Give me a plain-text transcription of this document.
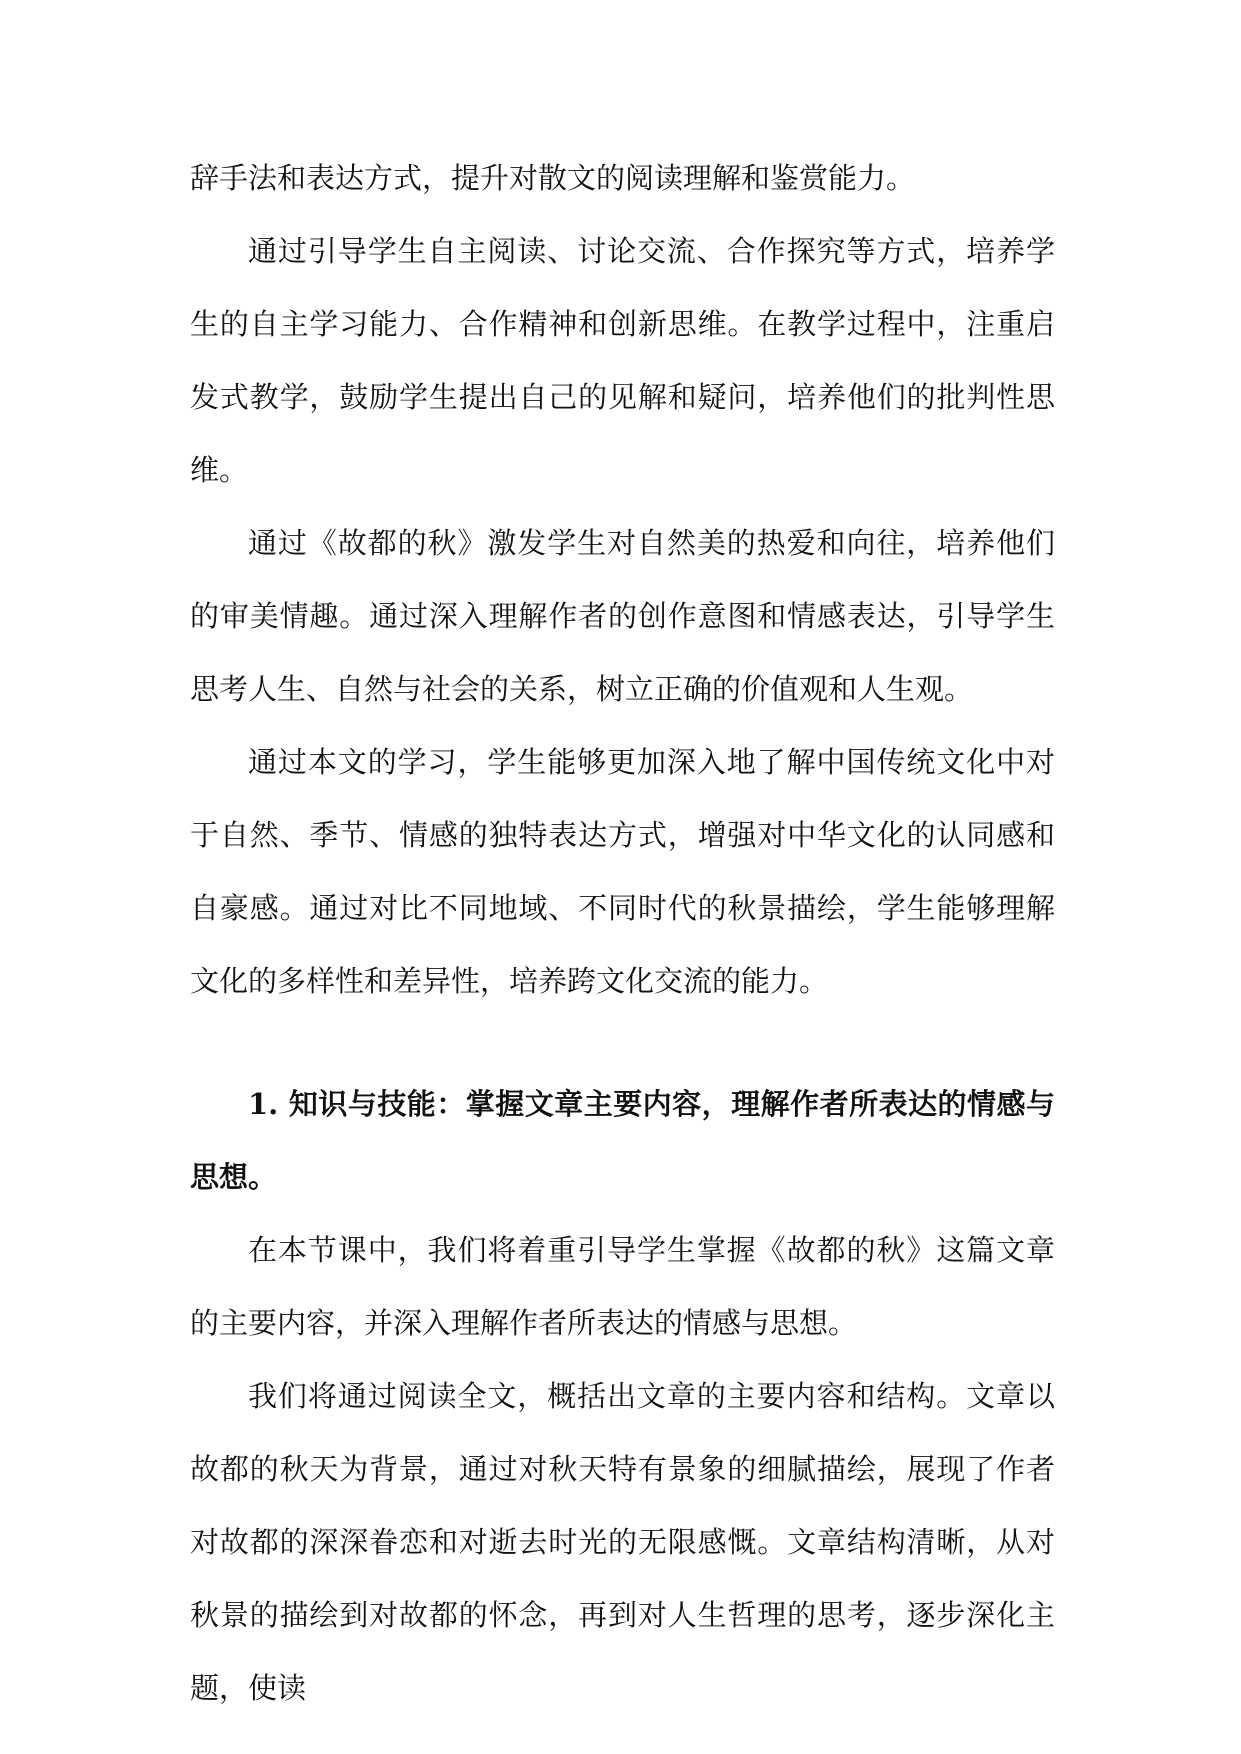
辞手法和表达方式，提升对散文的阅读理解和鉴赏能力。

通过引导学生自主阅读、讨论交流、合作探究等方式，培养学生的自主学习能力、合作精神和创新思维。在教学过程中，注重启发式教学，鼓励学生提出自己的见解和疑问，培养他们的批判性思维。

通过《故都的秋》激发学生对自然美的热爱和向往，培养他们的审美情趣。通过深入理解作者的创作意图和情感表达，引导学生思考人生、自然与社会的关系，树立正确的价值观和人生观。

通过本文的学习，学生能够更加深入地了解中国传统文化中对于自然、季节、情感的独特表达方式，增强对中华文化的认同感和自豪感。通过对比不同地域、不同时代的秋景描绘，学生能够理解文化的多样性和差异性，培养跨文化交流的能力。

1. 知识与技能：掌握文章主要内容，理解作者所表达的情感与思想。

在本节课中，我们将着重引导学生掌握《故都的秋》这篇文章的主要内容，并深入理解作者所表达的情感与思想。

我们将通过阅读全文，概括出文章的主要内容和结构。文章以故都的秋天为背景，通过对秋天特有景象的细腻描绘，展现了作者对故都的深深眷恋和对逝去时光的无限感慨。文章结构清晰，从对秋景的描绘到对故都的怀念，再到对人生哲理的思考，逐步深化主题，使读
